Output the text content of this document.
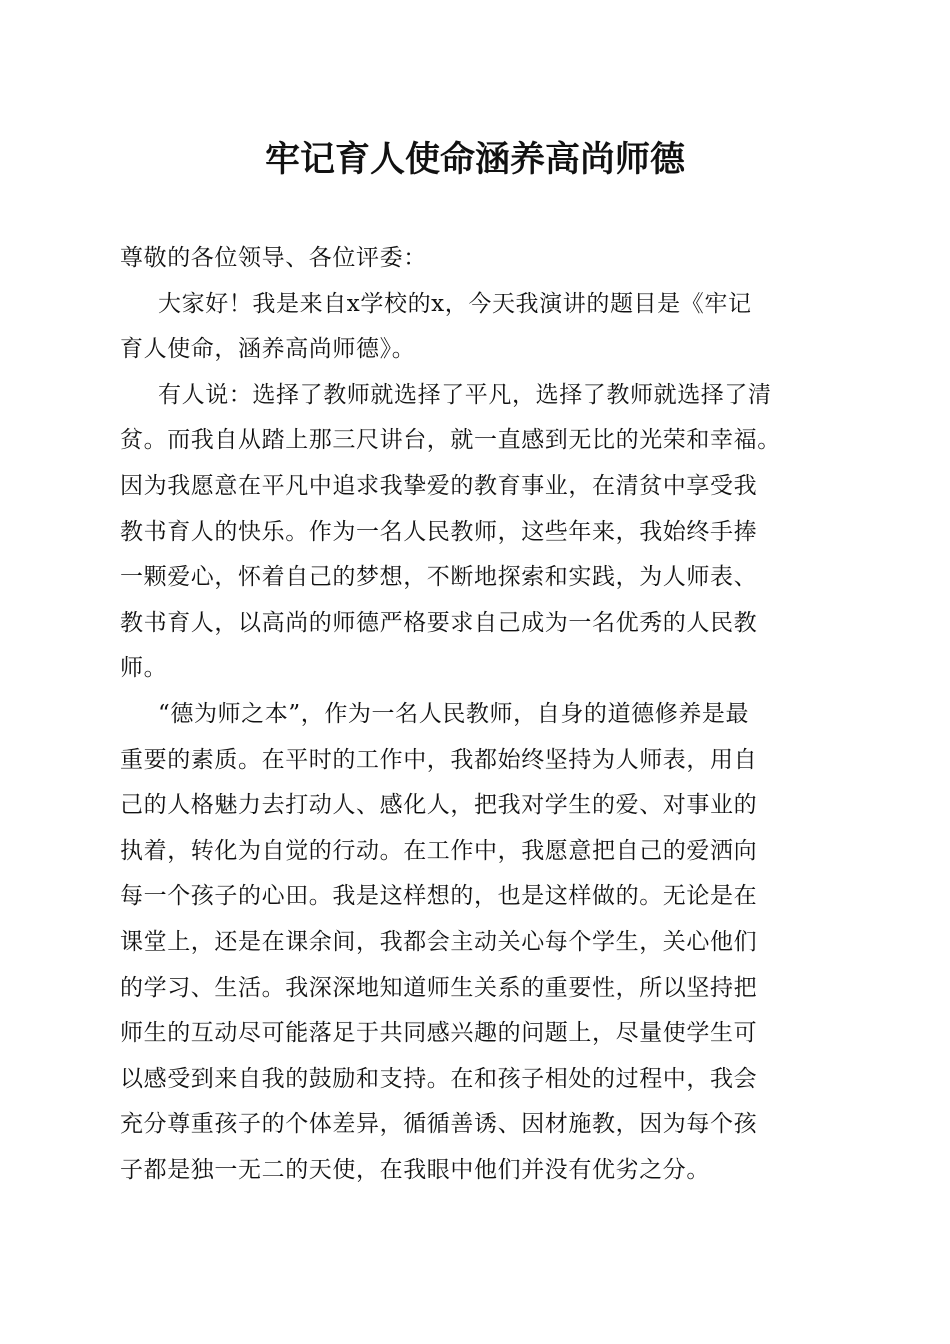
牢记育人使命涵养高尚师德
尊敬的各位领导、各位评委：
大家好！我是来自x学校的x，今天我演讲的题目是《牢记
育人使命，涵养高尚师德》。
有人说：选择了教师就选择了平凡，选择了教师就选择了清
贫。而我自从踏上那三尺讲台，就一直感到无比的光荣和幸福。
因为我愿意在平凡中追求我挚爱的教育事业，在清贫中享受我
教书育人的快乐。作为一名人民教师，这些年来，我始终手捧
一颗爱心，怀着自己的梦想，不断地探索和实践，为人师表、
教书育人，以高尚的师德严格要求自己成为一名优秀的人民教
师。
“德为师之本”，作为一名人民教师，自身的道德修养是最
重要的素质。在平时的工作中，我都始终坚持为人师表，用自
己的人格魅力去打动人、感化人，把我对学生的爱、对事业的
执着，转化为自觉的行动。在工作中，我愿意把自己的爱洒向
每一个孩子的心田。我是这样想的，也是这样做的。无论是在
课堂上，还是在课余间，我都会主动关心每个学生，关心他们
的学习、生活。我深深地知道师生关系的重要性，所以坚持把
师生的互动尽可能落足于共同感兴趣的问题上，尽量使学生可
以感受到来自我的鼓励和支持。在和孩子相处的过程中，我会
充分尊重孩子的个体差异，循循善诱、因材施教，因为每个孩
子都是独一无二的天使，在我眼中他们并没有优劣之分。
